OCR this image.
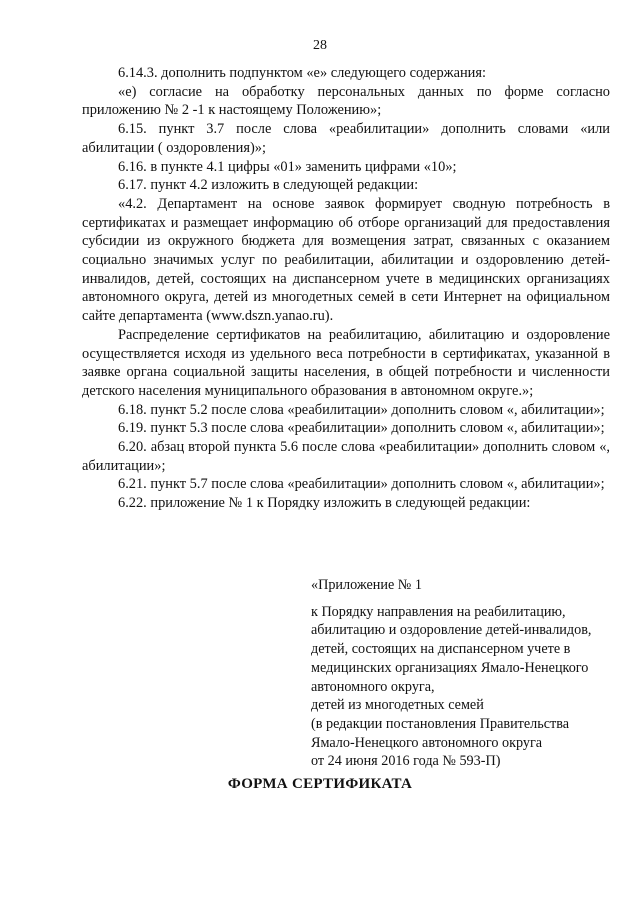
28

6.14.3. дополнить подпунктом «е» следующего содержания:

«е) согласие на обработку персональных данных по форме согласно приложению № 2 -1 к настоящему Положению»;

6.15. пункт 3.7 после слова «реабилитации» дополнить словами «или абилитации ( оздоровления)»;

6.16. в пункте 4.1 цифры «01» заменить цифрами «10»;

6.17. пункт 4.2 изложить в следующей редакции:

«4.2. Департамент на основе заявок формирует сводную потребность в сертификатах и размещает информацию об отборе организаций для предоставления субсидии из окружного бюджета для возмещения затрат, связанных с оказанием социально значимых услуг по реабилитации, абилитации и оздоровлению детей-инвалидов, детей, состоящих на диспансерном учете в медицинских организациях автономного округа, детей из многодетных семей в сети Интернет на официальном сайте департамента (www.dszn.yanao.ru).

Распределение сертификатов на реабилитацию, абилитацию и оздоровление осуществляется исходя из удельного веса потребности в сертификатах, указанной в заявке органа социальной защиты населения, в общей потребности и численности детского населения муниципального образования в автономном округе.»;

6.18. пункт 5.2 после слова «реабилитации» дополнить словом «, абилитации»;

6.19. пункт 5.3 после слова «реабилитации» дополнить словом «, абилитации»;

6.20. абзац второй пункта 5.6 после слова «реабилитации» дополнить словом «, абилитации»;

6.21. пункт 5.7 после слова «реабилитации» дополнить словом «, абилитации»;

6.22. приложение № 1 к Порядку изложить в следующей редакции:

«Приложение № 1
к Порядку направления на реабилитацию,
абилитацию и оздоровление детей-инвалидов,
детей, состоящих на диспансерном учете в
медицинских организациях Ямало-Ненецкого
автономного округа,
детей из многодетных семей
(в редакции постановления Правительства
Ямало-Ненецкого автономного округа
от 24 июня 2016 года № 593-П)
ФОРМА СЕРТИФИКАТА
